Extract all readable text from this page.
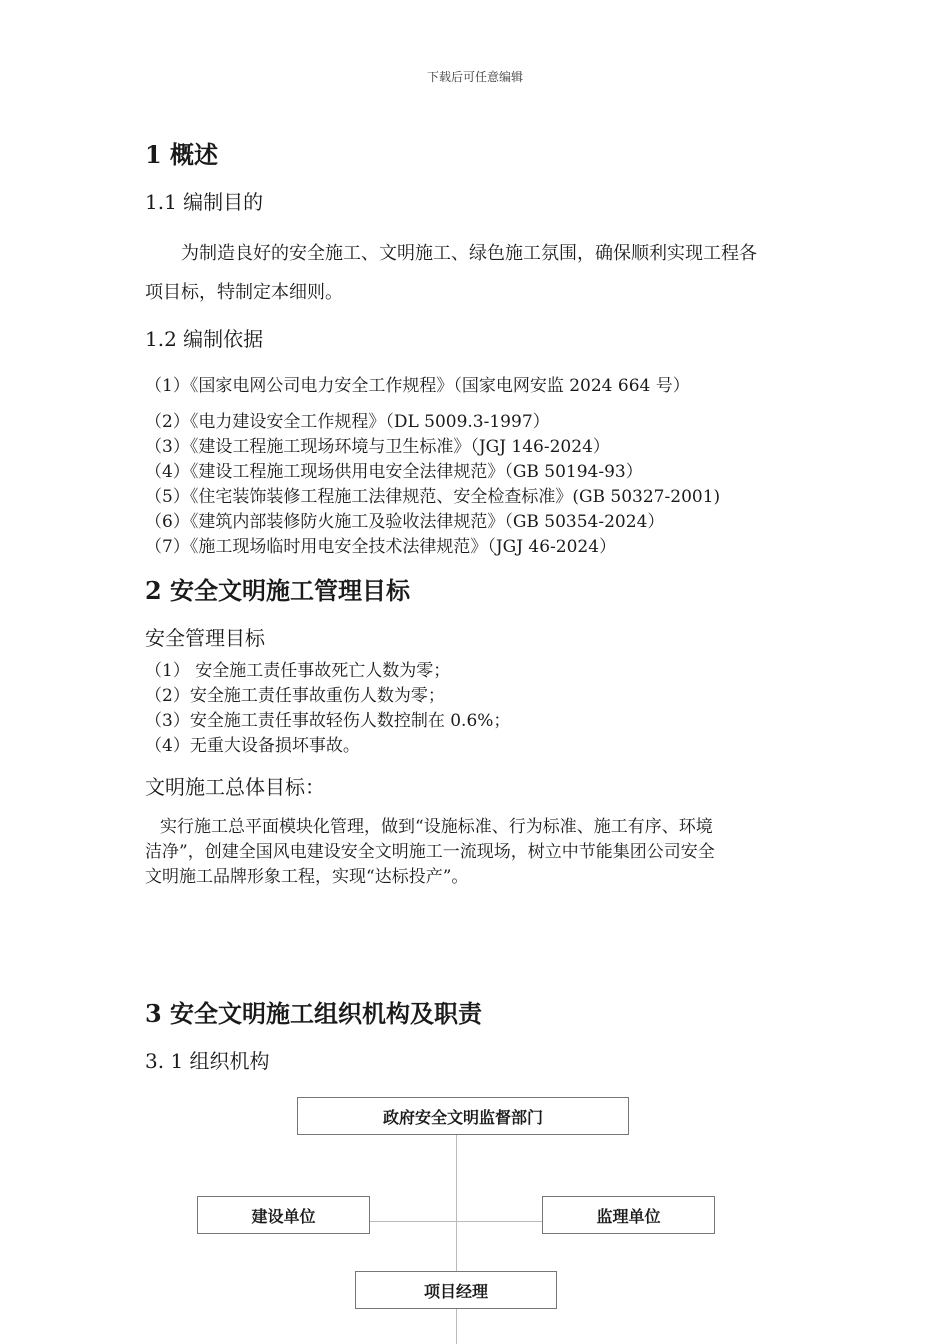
下载后可任意编辑
1 概述
1.1 编制目的
为制造良好的安全施工、文明施工、绿色施工氛围，确保顺利实现工程各
项目标，特制定本细则。
1.2 编制依据
（1）《国家电网公司电力安全工作规程》（国家电网安监 2024 664 号）
（2）《电力建设安全工作规程》（DL 5009.3-1997）
（3）《建设工程施工现场环境与卫生标准》（JGJ 146-2024）
（4）《建设工程施工现场供用电安全法律规范》（GB 50194-93）
（5）《住宅装饰装修工程施工法律规范、安全检查标准》(GB 50327-2001)
（6）《建筑内部装修防火施工及验收法律规范》（GB 50354-2024）
（7）《施工现场临时用电安全技术法律规范》（JGJ 46-2024）
2 安全文明施工管理目标
安全管理目标
（1） 安全施工责任事故死亡人数为零；
（2）安全施工责任事故重伤人数为零；
（3）安全施工责任事故轻伤人数控制在 0.6%；
（4）无重大设备损坏事故。
文明施工总体目标：
实行施工总平面模块化管理，做到“设施标准、行为标准、施工有序、环境
洁净”，创建全国风电建设安全文明施工一流现场，树立中节能集团公司安全
文明施工品牌形象工程，实现“达标投产”。
3 安全文明施工组织机构及职责
3. 1 组织机构
政府安全文明监督部门
建设单位	监理单位
项目经理
